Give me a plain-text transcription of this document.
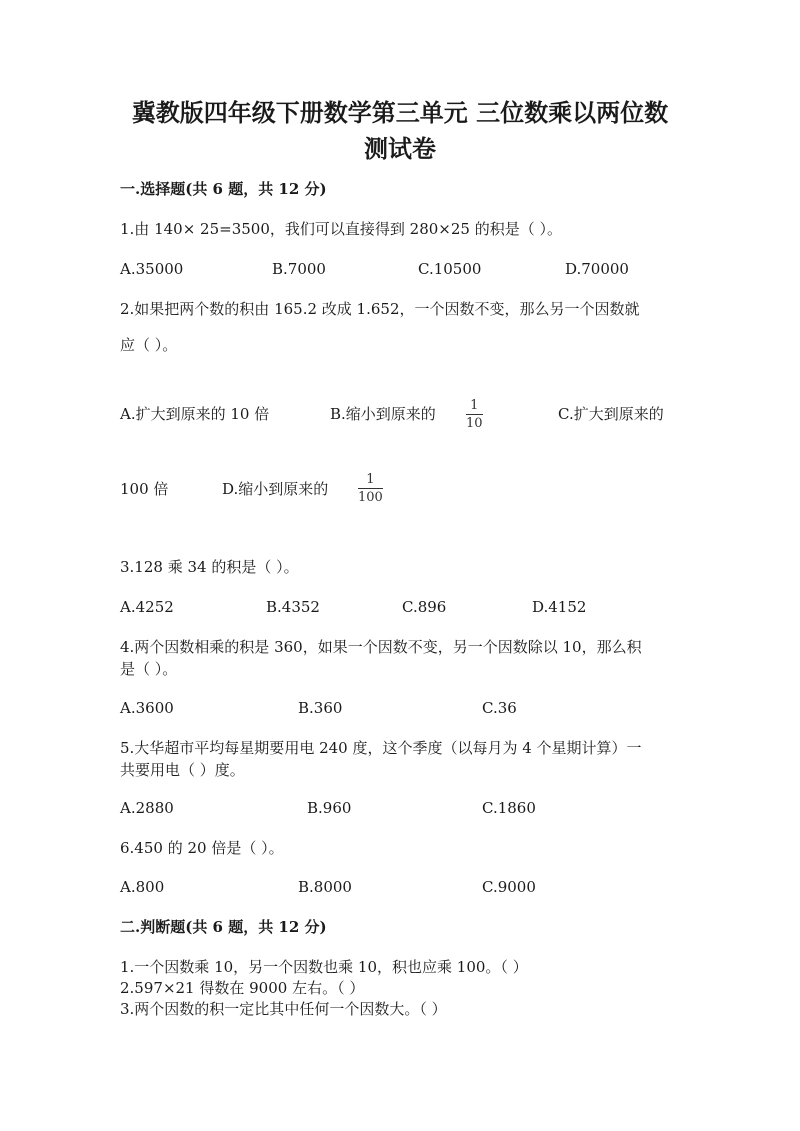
冀教版四年级下册数学第三单元 三位数乘以两位数
测试卷
一.选择题(共 6 题，共 12 分)
1.由 140× 25=3500，我们可以直接得到 280×25 的积是（ ）。
A.35000	B.7000	C.10500	D.70000
2.如果把两个数的积由 165.2 改成 1.652，一个因数不变，那么另一个因数就
应（ ）。
A.扩大到原来的 10 倍	B.缩小到原来的	1
10
C.扩大到原来的
100 倍	D.缩小到原来的
1
100
3.128 乘 34 的积是（ ）。
A.4252	B.4352	C.896	D.4152
4.两个因数相乘的积是 360，如果一个因数不变，另一个因数除以 10，那么积
是（ ）。
A.3600	B.360	C.36
5.大华超市平均每星期要用电 240 度，这个季度（以每月为 4 个星期计算）一
共要用电（ ）度。
A.2880	B.960	C.1860
6.450 的 20 倍是（ ）。
A.800	B.8000	C.9000
二.判断题(共 6 题，共 12 分)
1.一个因数乘 10，另一个因数也乘 10，积也应乘 100。（ ）
2.597×21 得数在 9000 左右。（ ）
3.两个因数的积一定比其中任何一个因数大。（ ）
